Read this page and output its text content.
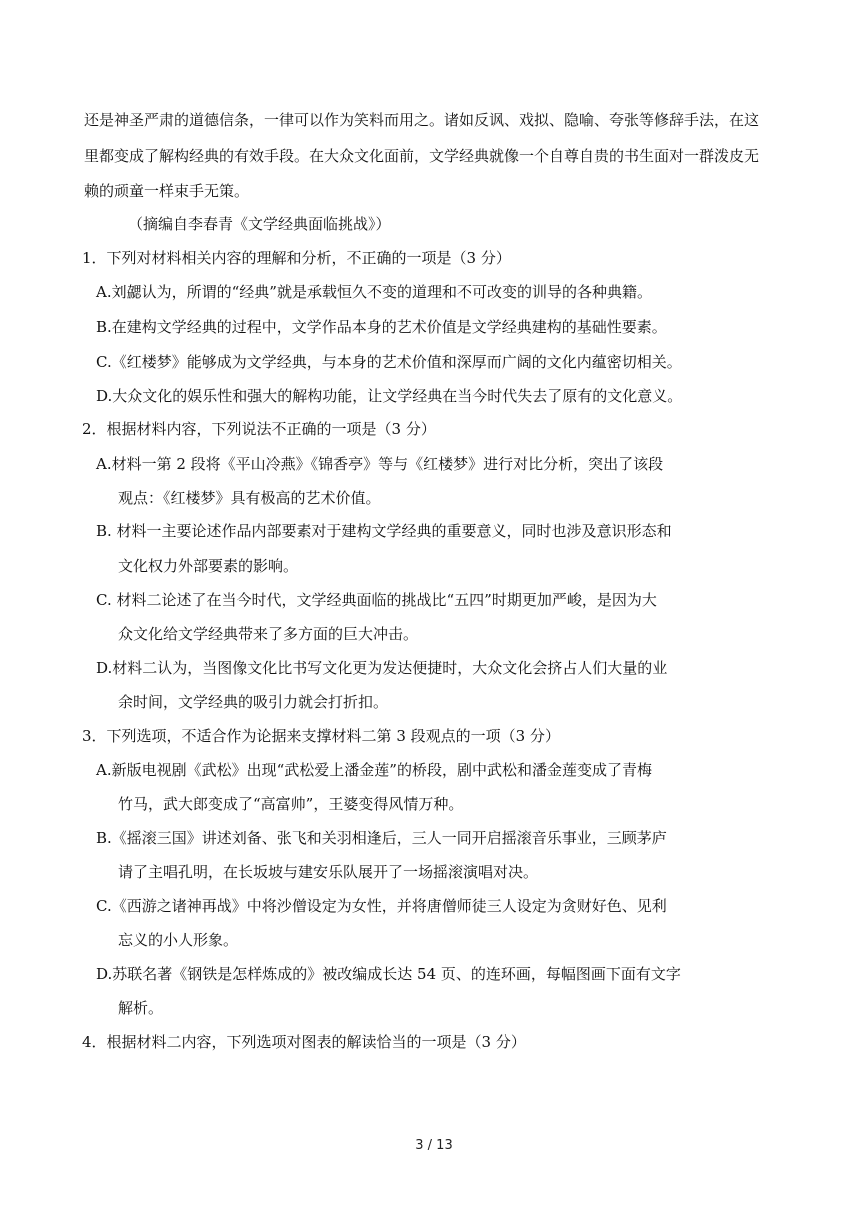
还是神圣严肃的道德信条，一律可以作为笑料而用之。诸如反讽、戏拟、隐喻、夸张等修辞手法，在这
里都变成了解构经典的有效手段。在大众文化面前，文学经典就像一个自尊自贵的书生面对一群泼皮无
赖的顽童一样束手无策。
（摘编自李春青《文学经典面临挑战》）
1．下列对材料相关内容的理解和分析，不正确的一项是（3 分）
A.刘勰认为，所谓的“经典”就是承载恒久不变的道理和不可改变的训导的各种典籍。
B.在建构文学经典的过程中，文学作品本身的艺术价值是文学经典建构的基础性要素。
C.《红楼梦》能够成为文学经典，与本身的艺术价值和深厚而广阔的文化内蕴密切相关。
D.大众文化的娱乐性和强大的解构功能，让文学经典在当今时代失去了原有的文化意义。
2．根据材料内容，下列说法不正确的一项是（3 分）
A.材料一第 2 段将《平山冷燕》《锦香亭》等与《红楼梦》进行对比分析，突出了该段
观点：《红楼梦》具有极高的艺术价值。
B. 材料一主要论述作品内部要素对于建构文学经典的重要意义，同时也涉及意识形态和
文化权力外部要素的影响。
C. 材料二论述了在当今时代，文学经典面临的挑战比“五四”时期更加严峻，是因为大
众文化给文学经典带来了多方面的巨大冲击。
D.材料二认为，当图像文化比书写文化更为发达便捷时，大众文化会挤占人们大量的业
余时间，文学经典的吸引力就会打折扣。
3．下列选项，不适合作为论据来支撑材料二第 3 段观点的一项（3 分）
A.新版电视剧《武松》出现“武松爱上潘金莲”的桥段，剧中武松和潘金莲变成了青梅
竹马，武大郎变成了“高富帅”，王婆变得风情万种。
B.《摇滚三国》讲述刘备、张飞和关羽相逢后，三人一同开启摇滚音乐事业，三顾茅庐
请了主唱孔明，在长坂坡与建安乐队展开了一场摇滚演唱对决。
C.《西游之诸神再战》中将沙僧设定为女性，并将唐僧师徒三人设定为贪财好色、见利
忘义的小人形象。
D.苏联名著《钢铁是怎样炼成的》被改编成长达 54 页、的连环画，每幅图画下面有文字
解析。
4．根据材料二内容，下列选项对图表的解读恰当的一项是（3 分）
3 / 13
